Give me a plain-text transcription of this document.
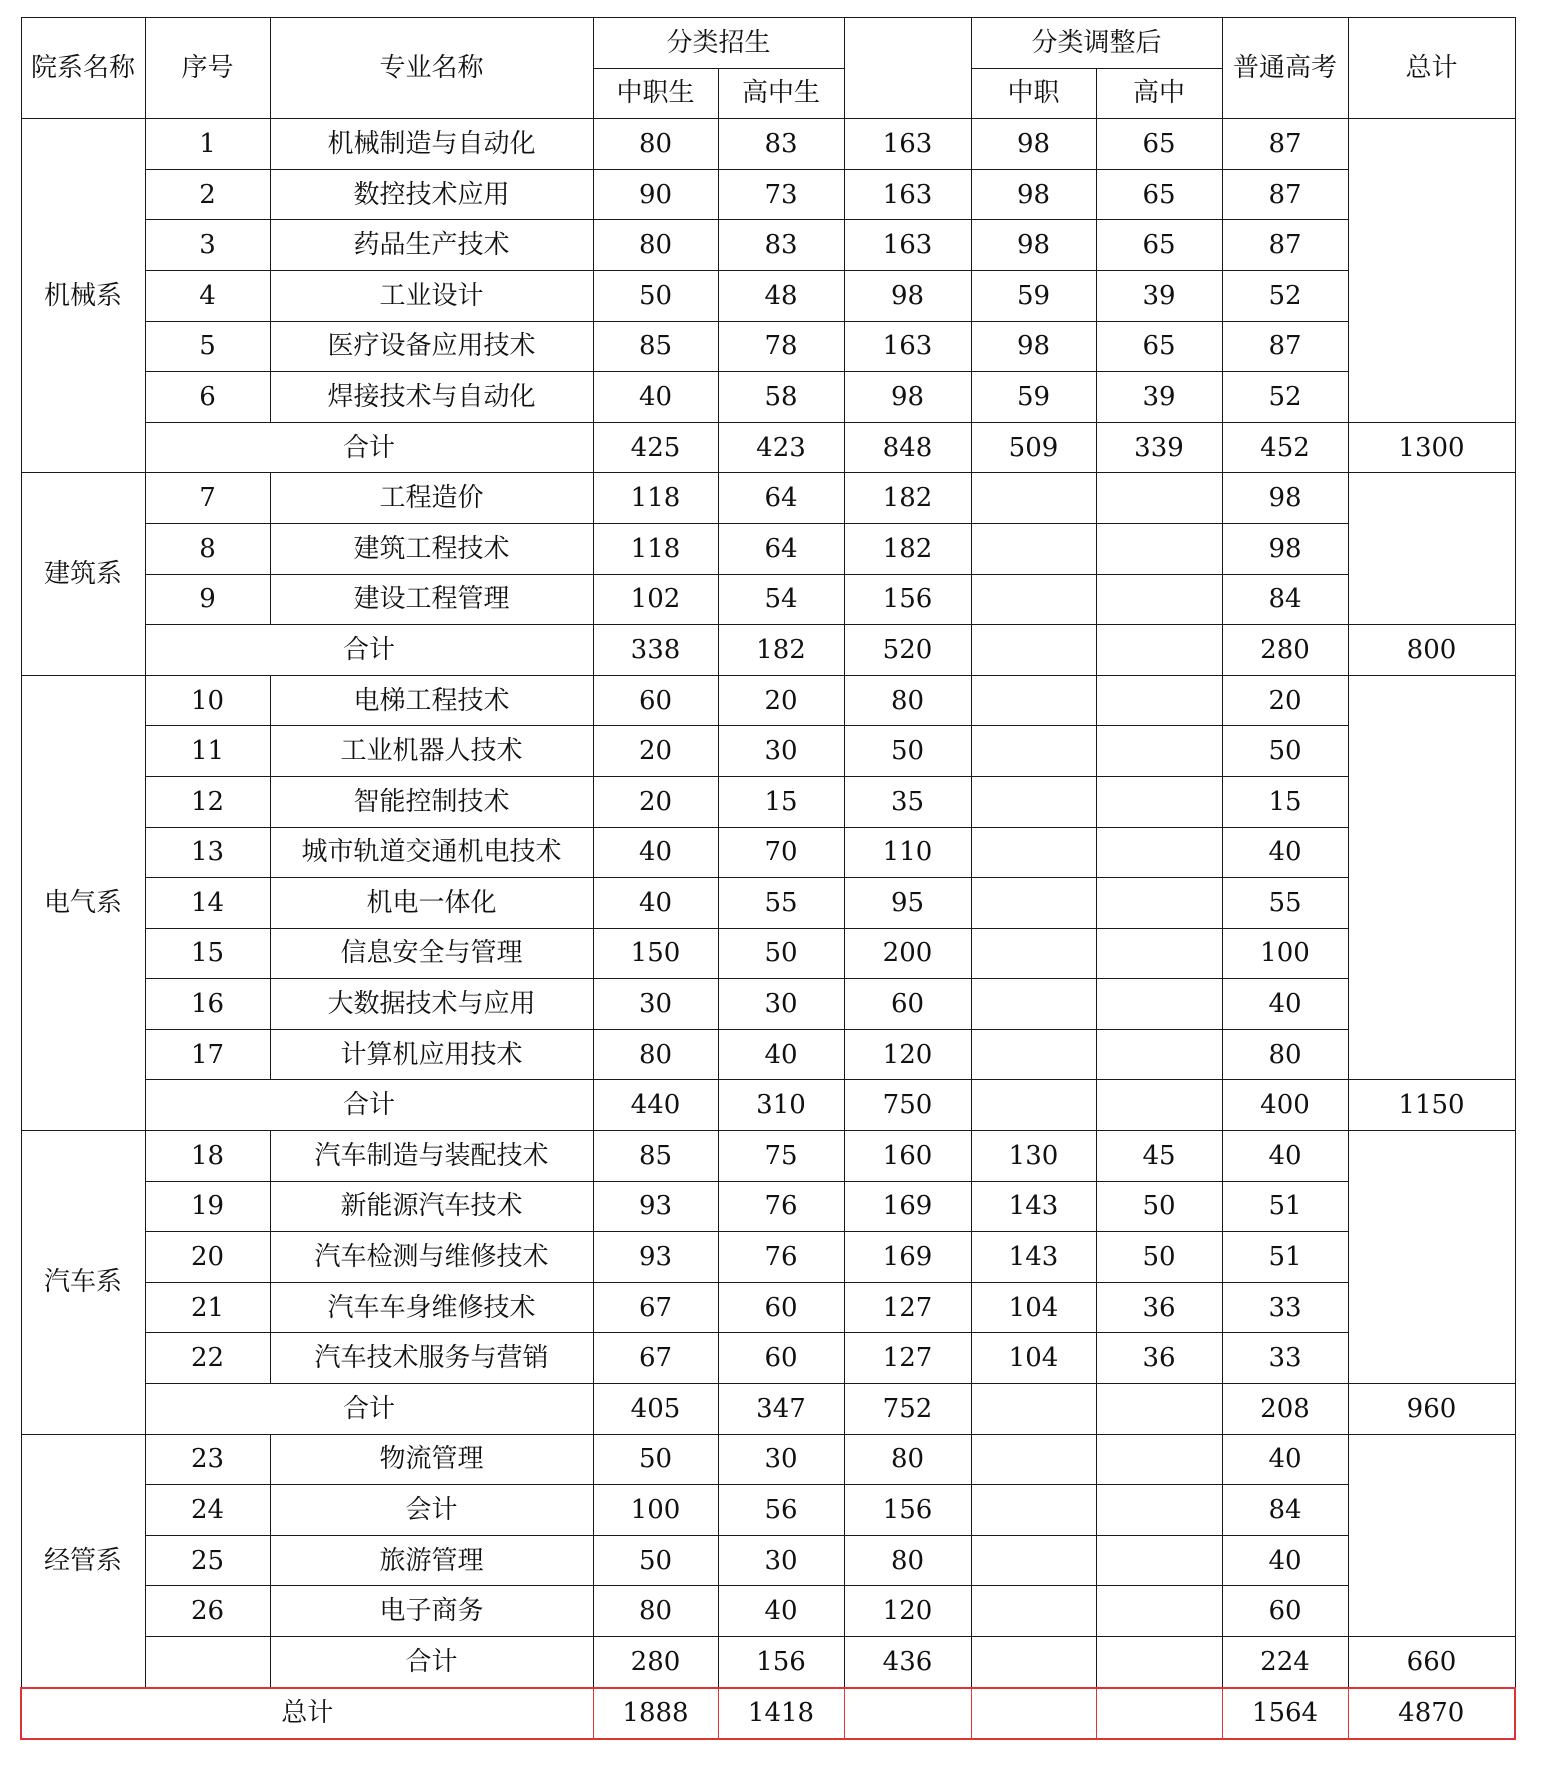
院系名称	序号	专业名称	分类招生			分类调整后		普通高考	总计
			中职生	高中生		中职	高中		
机械系	1	机械制造与自动化	80	83	163	98	65	87	
	2	数控技术应用	90	73	163	98	65	87	
	3	药品生产技术	80	83	163	98	65	87	
	4	工业设计	50	48	98	59	39	52	
	5	医疗设备应用技术	85	78	163	98	65	87	
	6	焊接技术与自动化	40	58	98	59	39	52	
	合计		425	423	848	509	339	452	1300
建筑系	7	工程造价	118	64	182			98	
	8	建筑工程技术	118	64	182			98	
	9	建设工程管理	102	54	156			84	
	合计		338	182	520			280	800
电气系	10	电梯工程技术	60	20	80			20	
	11	工业机器人技术	20	30	50			50	
	12	智能控制技术	20	15	35			15	
	13	城市轨道交通机电技术	40	70	110			40	
	14	机电一体化	40	55	95			55	
	15	信息安全与管理	150	50	200			100	
	16	大数据技术与应用	30	30	60			40	
	17	计算机应用技术	80	40	120			80	
	合计		440	310	750			400	1150
汽车系	18	汽车制造与装配技术	85	75	160	130	45	40	
	19	新能源汽车技术	93	76	169	143	50	51	
	20	汽车检测与维修技术	93	76	169	143	50	51	
	21	汽车车身维修技术	67	60	127	104	36	33	
	22	汽车技术服务与营销	67	60	127	104	36	33	
	合计		405	347	752			208	960
经管系	23	物流管理	50	30	80			40	
	24	会计	100	56	156			84	
	25	旅游管理	50	30	80			40	
	26	电子商务	80	40	120			60	
		合计	280	156	436			224	660
总计			1888	1418				1564	4870
